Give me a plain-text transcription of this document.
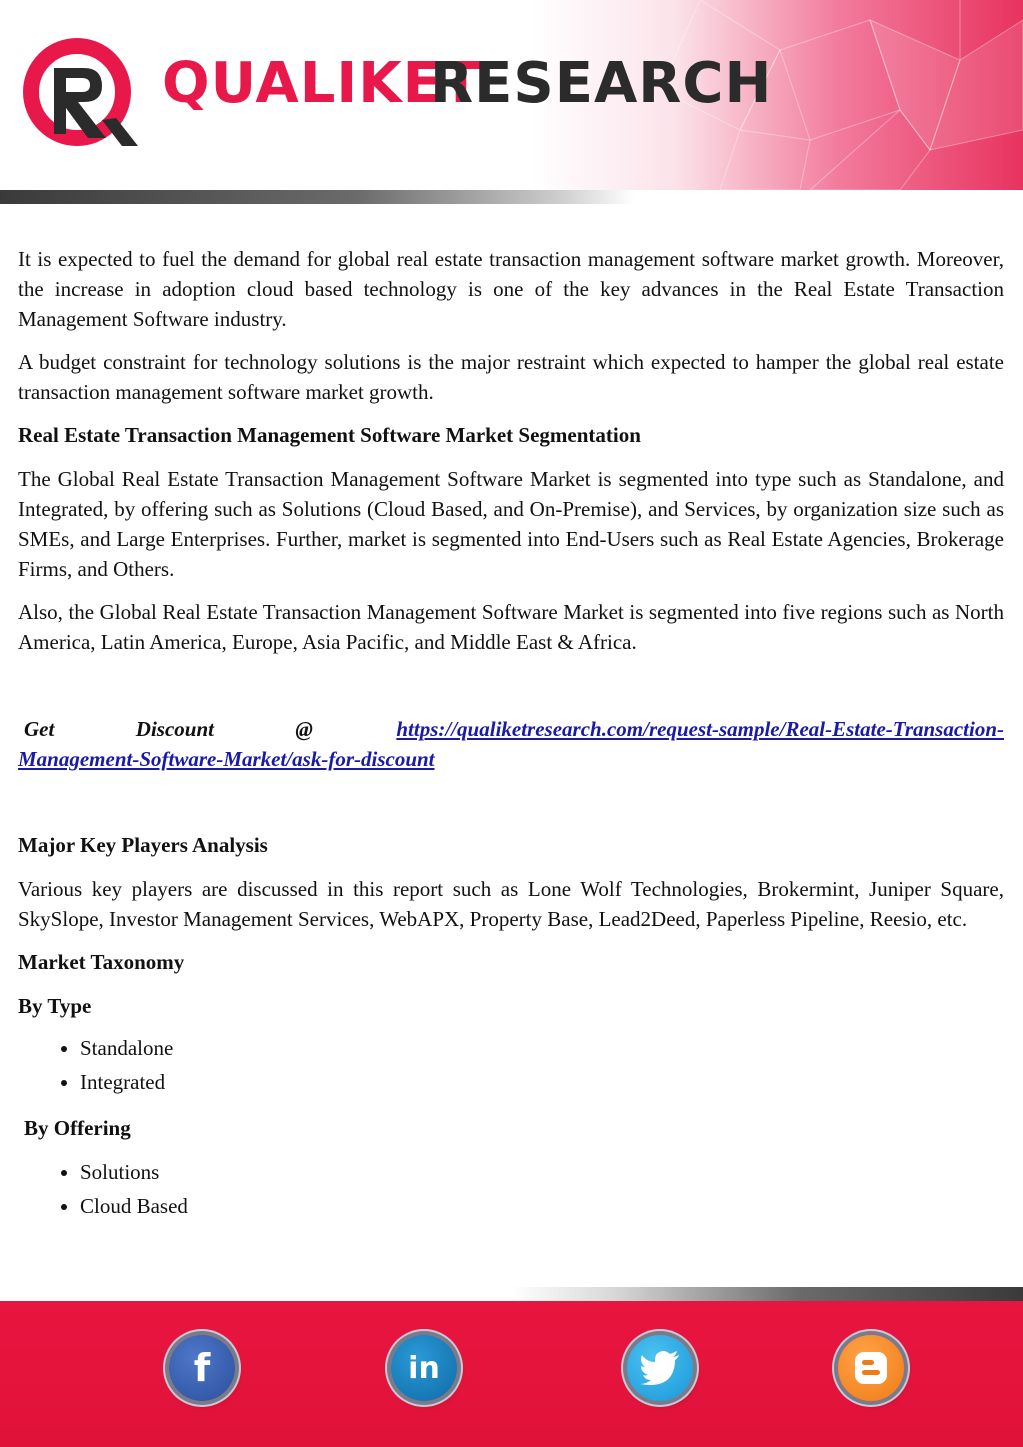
QUALIKET
RESEARCH

It is expected to fuel the demand for global real estate transaction management software market growth. Moreover, the increase in adoption cloud based technology is one of the key advances in the Real Estate Transaction Management Software industry.

A budget constraint for technology solutions is the major restraint which expected to hamper the global real estate transaction management software market growth.

Real Estate Transaction Management Software Market Segmentation

The Global Real Estate Transaction Management Software Market is segmented into type such as Standalone, and Integrated, by offering such as Solutions (Cloud Based, and On-Premise), and Services, by organization size such as SMEs, and Large Enterprises. Further, market is segmented into End-Users such as Real Estate Agencies, Brokerage Firms, and Others.

Also, the Global Real Estate Transaction Management Software Market is segmented into five regions such as North America, Latin America, Europe, Asia Pacific, and Middle East & Africa.

Get Discount @	https://qualiketresearch.com/request-sample/Real-Estate-Transaction-Management-Software-Market/ask-for-discount

Major Key Players Analysis

Various key players are discussed in this report such as Lone Wolf Technologies, Brokermint, Juniper Square, SkySlope, Investor Management Services, WebAPX, Property Base, Lead2Deed, Paperless Pipeline, Reesio, etc.

Market Taxonomy
By Type
• Standalone
• Integrated
By Offering
• Solutions
• Cloud Based
f	in
